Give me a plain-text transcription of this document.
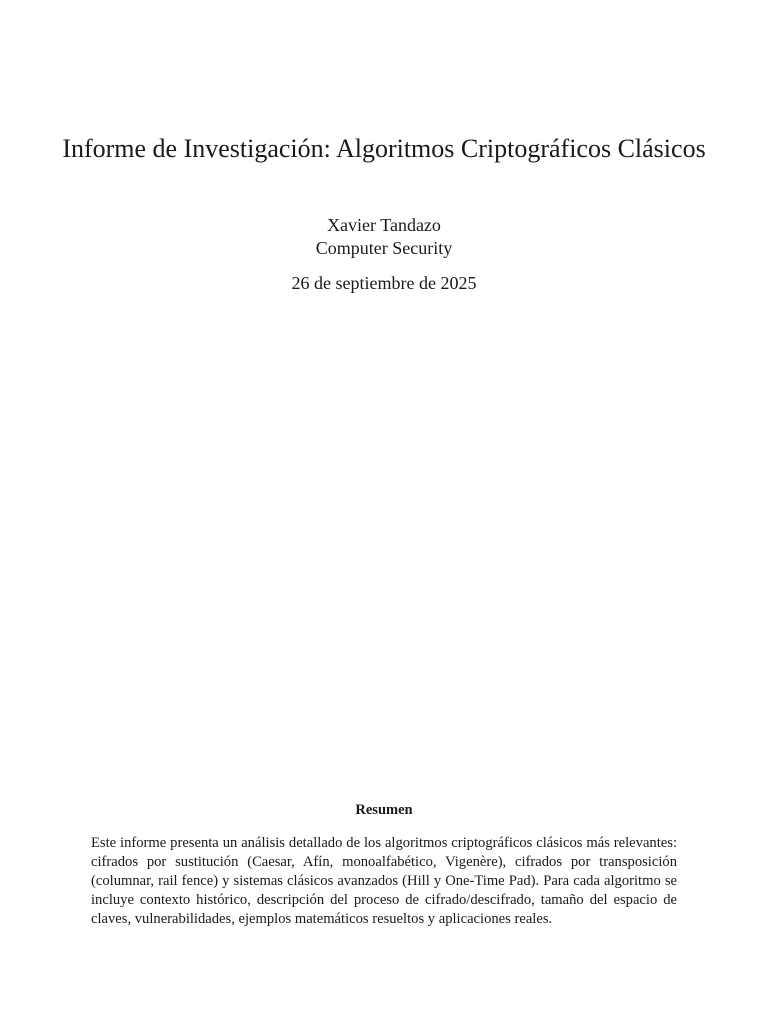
Informe de Investigación: Algoritmos Criptográficos Clásicos
Xavier Tandazo
Computer Security
26 de septiembre de 2025
Resumen

Este informe presenta un análisis detallado de los algoritmos criptográficos clásicos más relevantes: cifrados por sustitución (Caesar, Afín, monoalfabético, Vigenère), cifrados por transposición (columnar, rail fence) y sistemas clásicos avanzados (Hill y One-Time Pad). Para cada algoritmo se incluye contexto histórico, descripción del proceso de cifrado/descifrado, tamaño del espacio de claves, vulnerabilidades, ejemplos matemáticos resueltos y aplicaciones reales.
